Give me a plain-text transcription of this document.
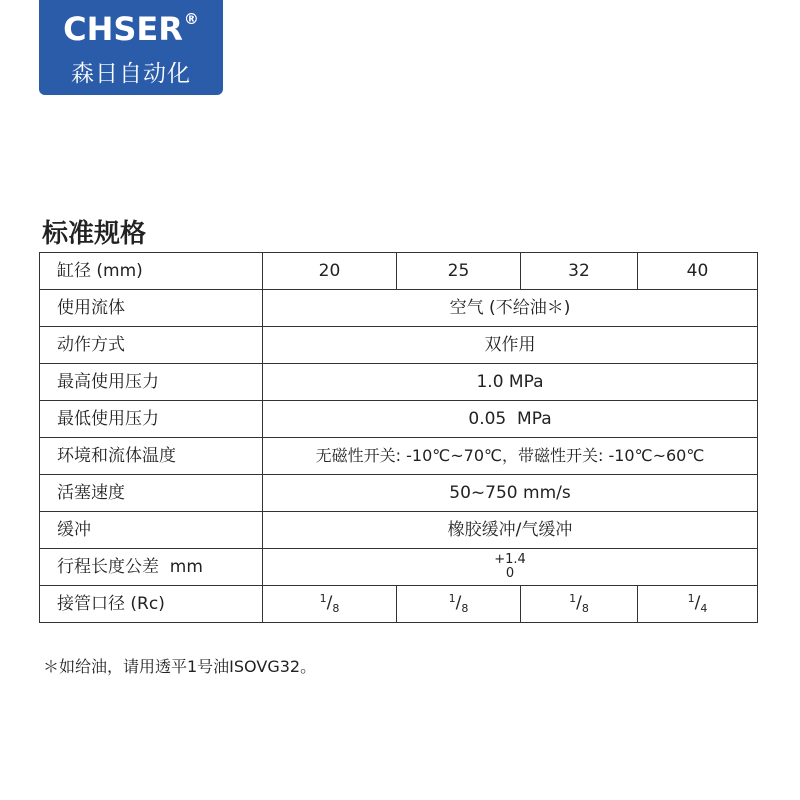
CHSER®
森日自动化
标准规格
缸径 (mm)	20	25	32	40
使用流体	空气 (不给油＊)			
动作方式	双作用			
最高使用压力	1.0 MPa			
最低使用压力	0.05  MPa			
环境和流体温度	无磁性开关: -10℃~70℃，带磁性开关: -10℃~60℃			
活塞速度	50~750 mm/s			
缓冲	橡胶缓冲/气缓冲			
行程长度公差  mm	+1.4
0			

接管口径 (Rc)	$^1/_8$	$^1/_8$	$^1/_8$	$^1/_4$
＊如给油，请用透平1号油ISOVG32。
